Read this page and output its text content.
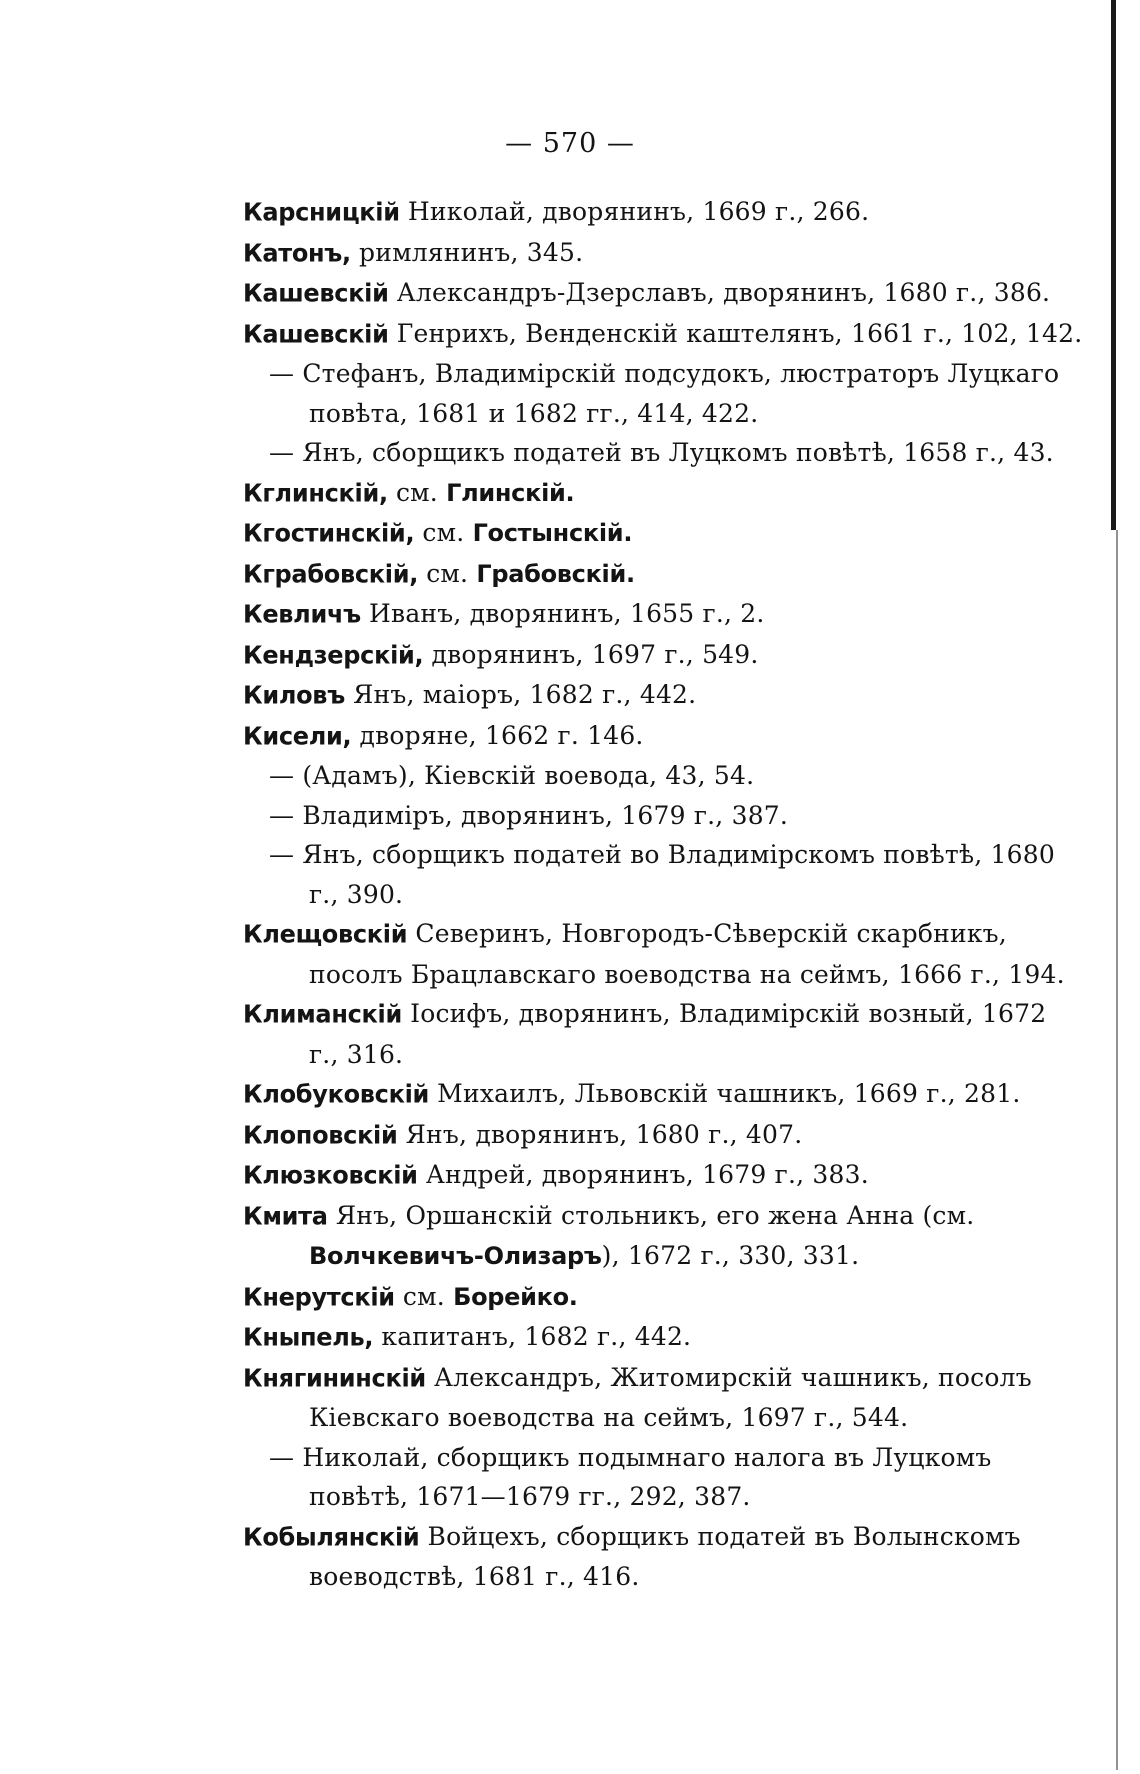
— 570 —
Карсницкій Николай, дворянинъ, 1669 г., 266.
Катонъ, римлянинъ, 345.
Кашевскій Александръ-Дзерславъ, дворянинъ, 1680 г., 386.
Кашевскій Генрихъ, Венденскій каштелянъ, 1661 г., 102, 142.
— Стефанъ, Владимірскій подсудокъ, люстраторъ Луцкаго повѣта, 1681 и 1682 гг., 414, 422.
— Янъ, сборщикъ податей въ Луцкомъ повѣтѣ, 1658 г., 43.
Кглинскій, см. Глинскій.
Кгостинскій, см. Гостынскій.
Кграбовскій, см. Грабовскій.
Кевличъ Иванъ, дворянинъ, 1655 г., 2.
Кендзерскій, дворянинъ, 1697 г., 549.
Киловъ Янъ, маіоръ, 1682 г., 442.
Кисели, дворяне, 1662 г. 146.
— (Адамъ), Кіевскій воевода, 43, 54.
— Владиміръ, дворянинъ, 1679 г., 387.
— Янъ, сборщикъ податей во Владимірскомъ повѣтѣ, 1680 г., 390.
Клещовскій Северинъ, Новгородъ-Сѣверскій скарбникъ, посолъ Брацлавскаго воеводства на сеймъ, 1666 г., 194.
Климанскій Іосифъ, дворянинъ, Владимірскій возный, 1672 г., 316.
Клобуковскій Михаилъ, Львовскій чашникъ, 1669 г., 281.
Клоповскій Янъ, дворянинъ, 1680 г., 407.
Клюзковскій Андрей, дворянинъ, 1679 г., 383.
Кмита Янъ, Оршанскій стольникъ, его жена Анна (см. Волчкевичъ-Олизаръ), 1672 г., 330, 331.
Кнерутскій см. Борейко.
Кныпель, капитанъ, 1682 г., 442.
Княгининскій Александръ, Житомирскій чашникъ, посолъ Кіевскаго воеводства на сеймъ, 1697 г., 544.
— Николай, сборщикъ подымнаго налога въ Луцкомъ повѣтѣ, 1671—1679 гг., 292, 387.
Кобылянскій Войцехъ, сборщикъ податей въ Волынскомъ воеводствѣ, 1681 г., 416.
